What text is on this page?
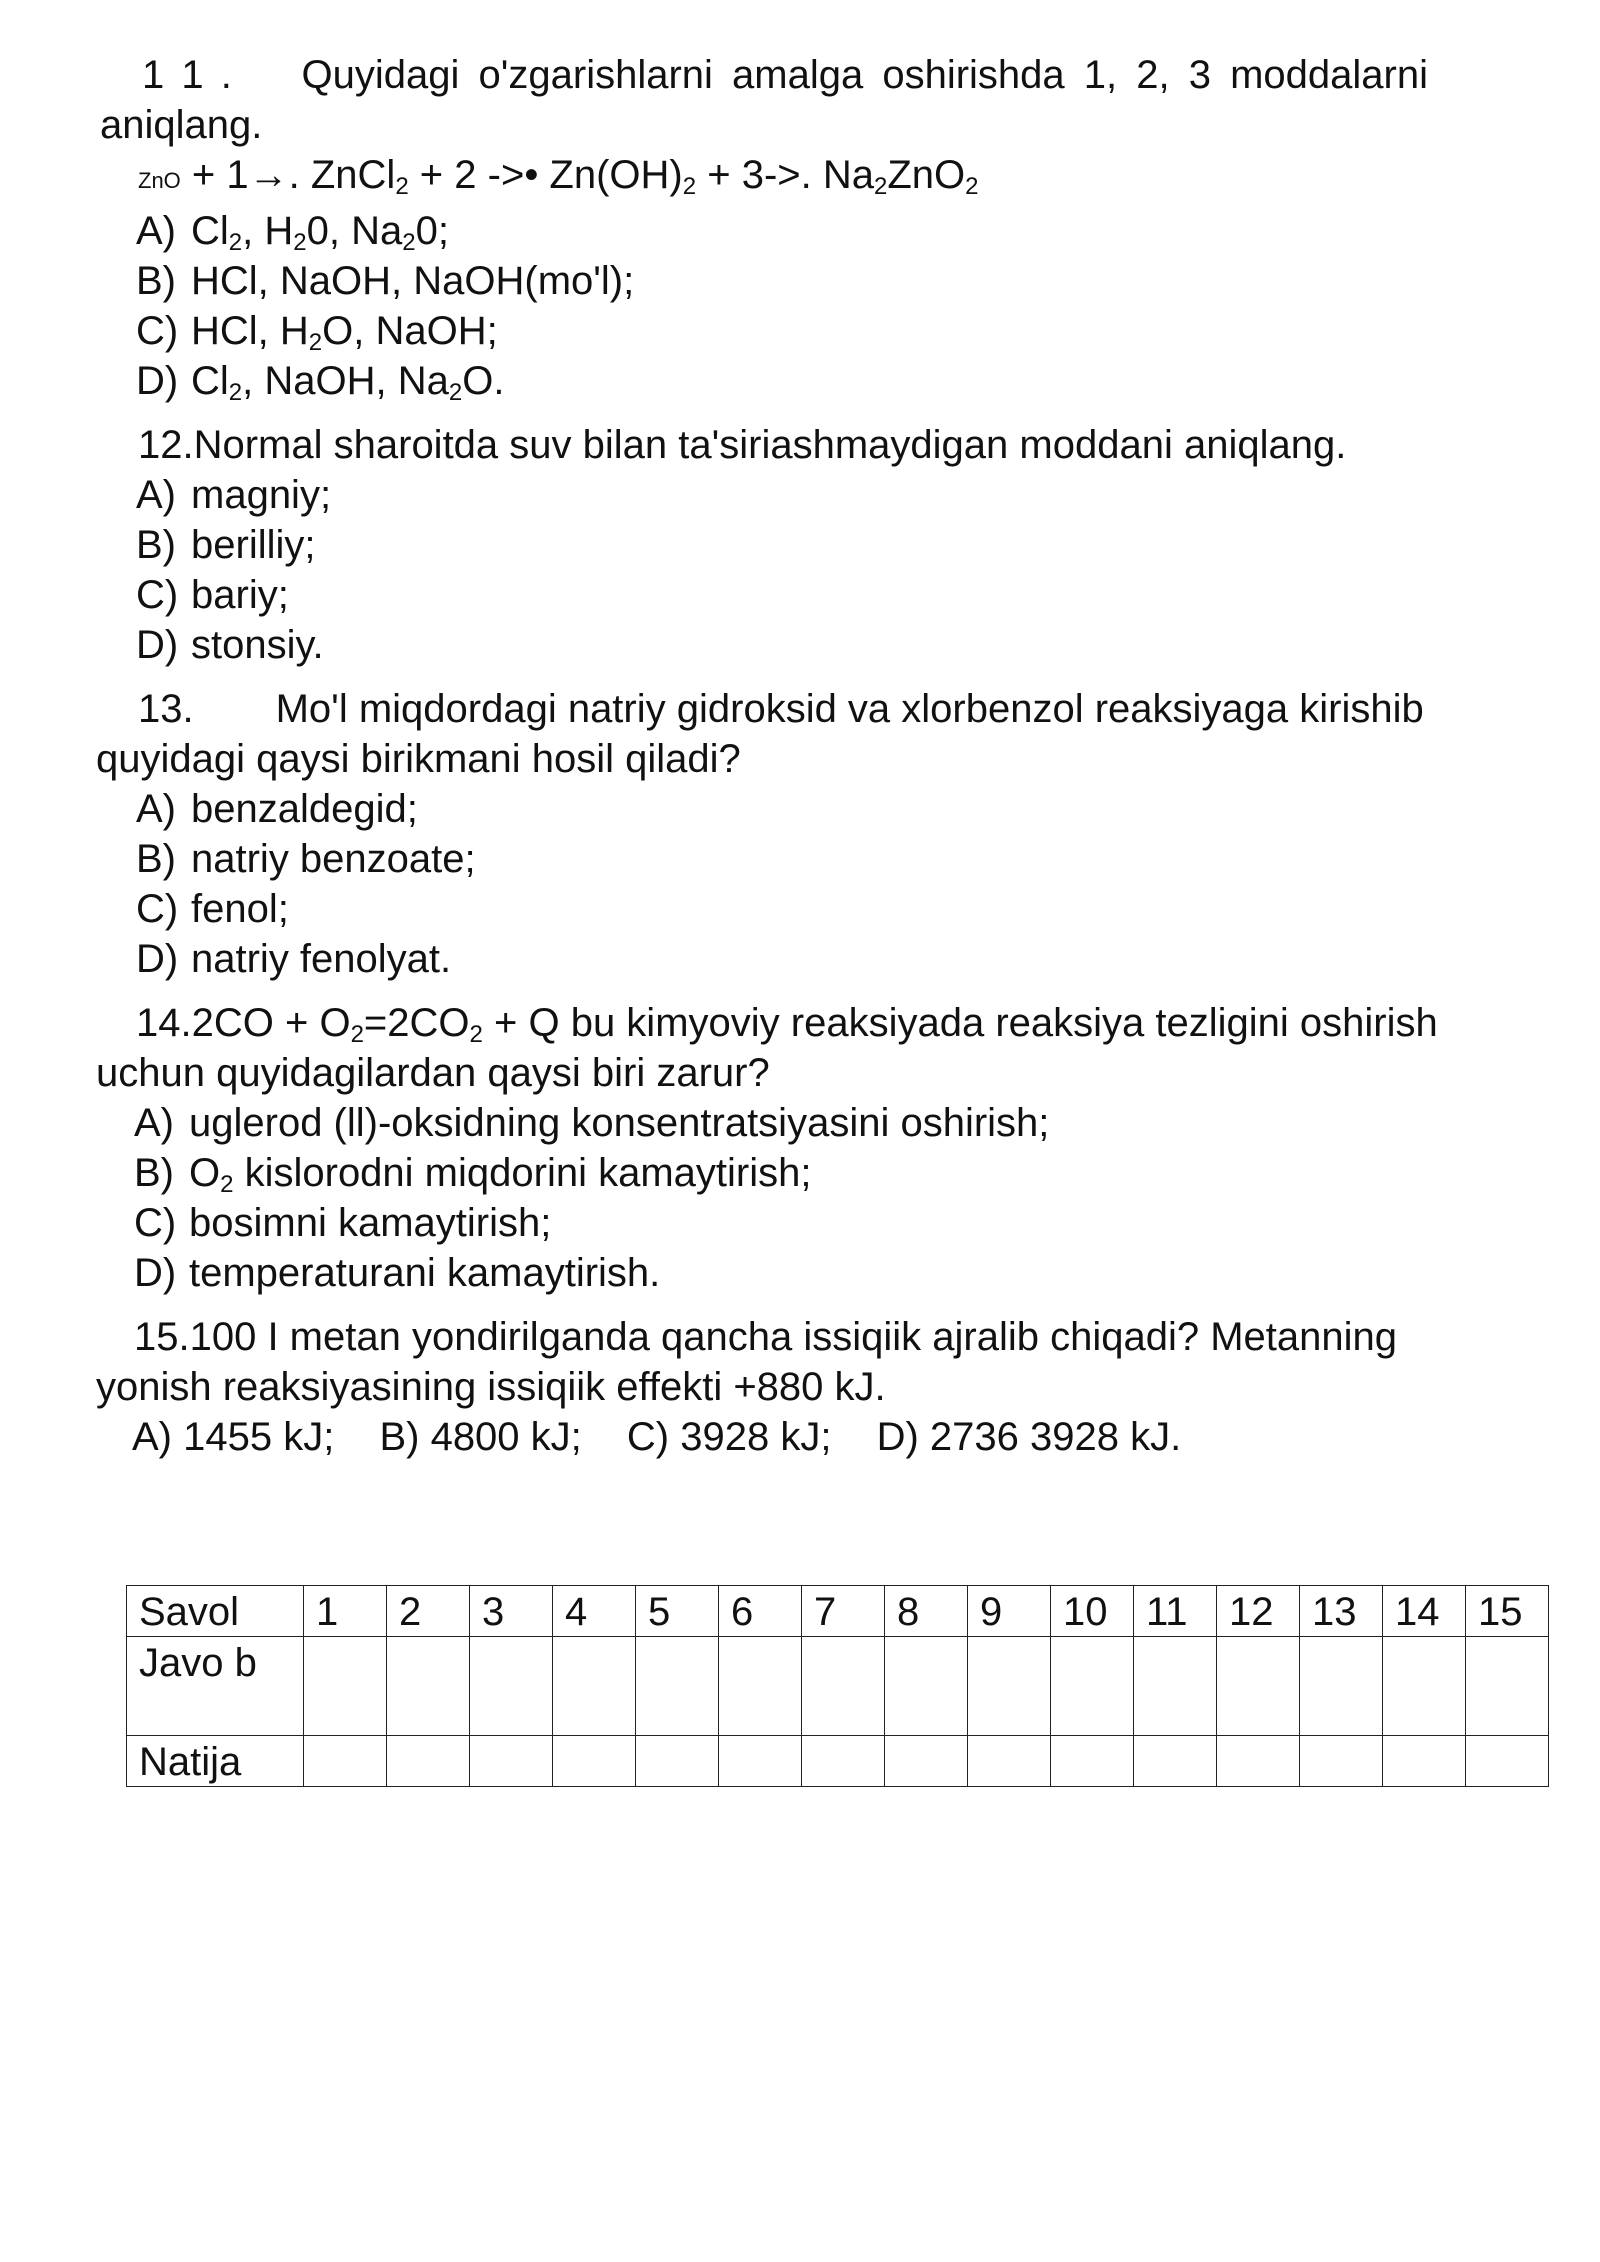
1 1 . Quyidagi o'zgarishlarni amalga oshirishda 1, 2, 3 moddalarni
aniqlang.
ZnO + 1→. ZnCl$_2$ + 2 ->• $Zn(OH)_2 + 3->$. $Na_2ZnO_2$
A) $Cl_2$, $H_20$, $Na_20$;
B) HCl, NaOH, NaOH(mo'l);
C) HCl, $H_2O$, NaOH;
D) $Cl_2$, NaOH, $Na_2O$.
12.Normal sharoitda suv bilan ta'siriashmaydigan moddani aniqlang.
A) magniy;
B) berilliy;
C) bariy;
D) stonsiy.
13. Mo'l miqdordagi natriy gidroksid va xlorbenzol reaksiyaga kirishib
quyidagi qaysi birikmani hosil qiladi?
A) benzaldegid;
B) natriy benzoate;
C) fenol;
D) natriy fenolyat.
$14.2CO + O_2=2CO_2 + Q$ bu kimyoviy reaksiyada reaksiya tezligini oshirish
uchun quyidagilardan qaysi biri zarur?
A) uglerod (ll)-oksidning konsentratsiyasini oshirish;
B) $O_2$ kislorodni miqdorini kamaytirish;
C) bosimni kamaytirish;
D) temperaturani kamaytirish.
15.100 I metan yondirilganda qancha issiqiik ajralib chiqadi? Metanning
yonish reaksiyasining issiqiik effekti +880 kJ.
A) 1455 kJ; B) 4800 kJ; C) 3928 kJ; D) 2736 3928 kJ.
Savol	1	2	3	4	5	6	7	8	9	10	11	12	13	14	15
Javo b															
Natija															
